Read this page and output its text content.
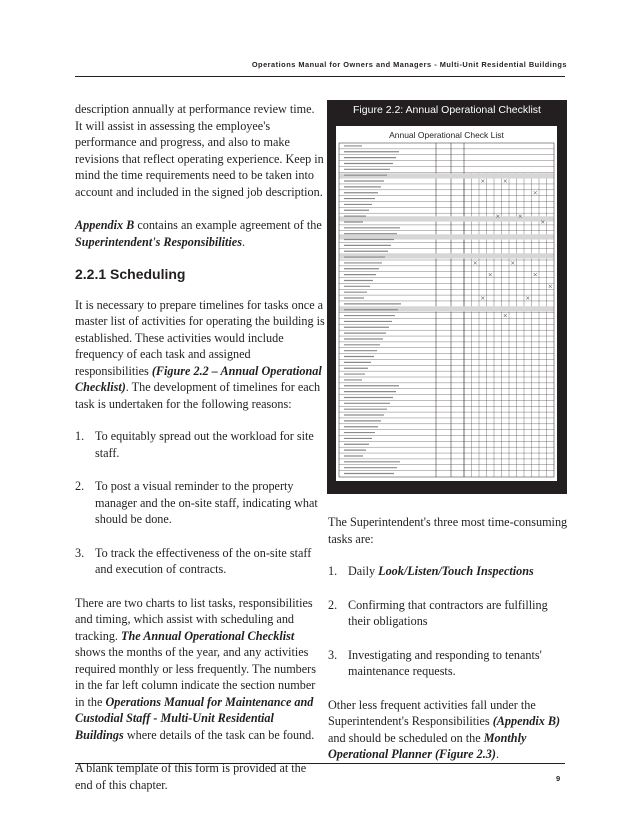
Operations Manual for Owners and Managers - Multi-Unit Residential Buildings

description annually at performance review time. It will assist in assessing the employee's performance and progress, and also to make revisions that reflect operating experience. Keep in mind the time requirements need to be taken into account and included in the signed job description.

Appendix B contains an example agreement of the Superintendent's Responsibilities.

2.2.1 Scheduling

It is necessary to prepare timelines for tasks once a master list of activities for operating the building is established. These activities would include frequency of each task and assigned responsibilities (Figure 2.2 – Annual Operational Checklist). The development of timelines for each task is undertaken for the following reasons:

1. To equitably spread out the workload for site staff.
2. To post a visual reminder to the property manager and the on-site staff, indicating what should be done.
3. To track the effectiveness of the on-site staff and execution of contracts.

There are two charts to list tasks, responsibilities and timing, which assist with scheduling and tracking. The Annual Operational Checklist shows the months of the year, and any activities required monthly or less frequently. The numbers in the far left column indicate the section number in the Operations Manual for Maintenance and Custodial Staff - Multi-Unit Residential Buildings where details of the task can be found.

A blank template of this form is provided at the end of this chapter.

Figure 2.2: Annual Operational Checklist
Annual Operational Check List

The Superintendent's three most time-consuming tasks are:

1. Daily Look/Listen/Touch Inspections
2. Confirming that contractors are fulfilling their obligations
3. Investigating and responding to tenants' maintenance requests.

Other less frequent activities fall under the Superintendent's Responsibilities (Appendix B) and should be scheduled on the Monthly Operational Planner (Figure 2.3).

9
